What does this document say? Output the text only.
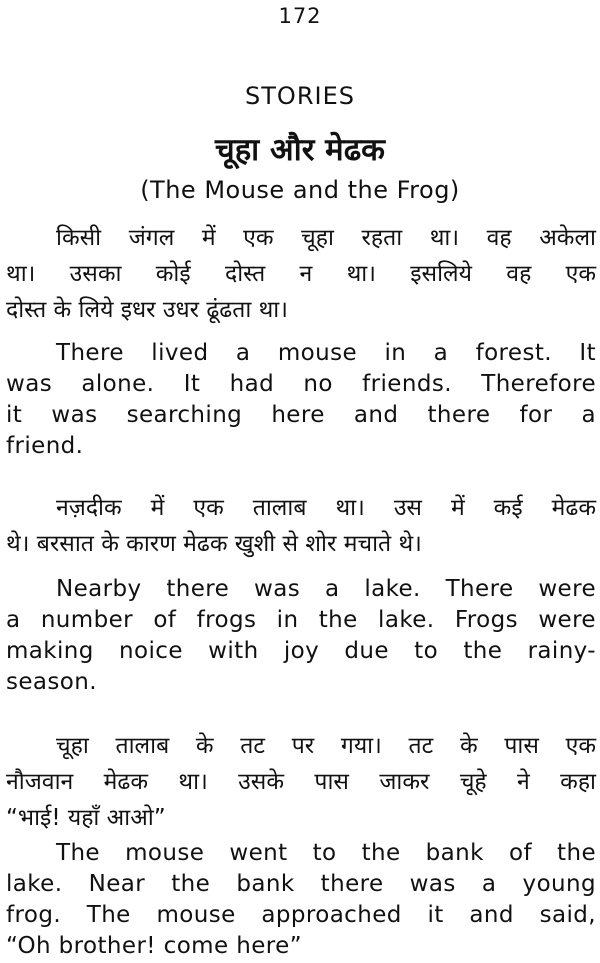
172
STORIES
चूहा और मेढक
(The Mouse and the Frog)

किसी जंगल में एक चूहा रहता था। वह अकेला
था। उसका कोई दोस्त न था। इसलिये वह एक
दोस्त के लिये इधर उधर ढूंढता था।

There lived a mouse in a forest. It
was alone. It had no friends. Therefore
it was searching here and there for a
friend.

नज़दीक में एक तालाब था। उस में कई मेढक
थे। बरसात के कारण मेढक खुशी से शोर मचाते थे।

Nearby there was a lake. There were
a number of frogs in the lake. Frogs were
making noice with joy due to the rainy-
season.

चूहा तालाब के तट पर गया। तट के पास एक
नौजवान मेढक था। उसके पास जाकर चूहे ने कहा
“भाई! यहाँ आओ”

The mouse went to the bank of the
lake. Near the bank there was a young
frog. The mouse approached it and said,
“Oh brother! come here”
